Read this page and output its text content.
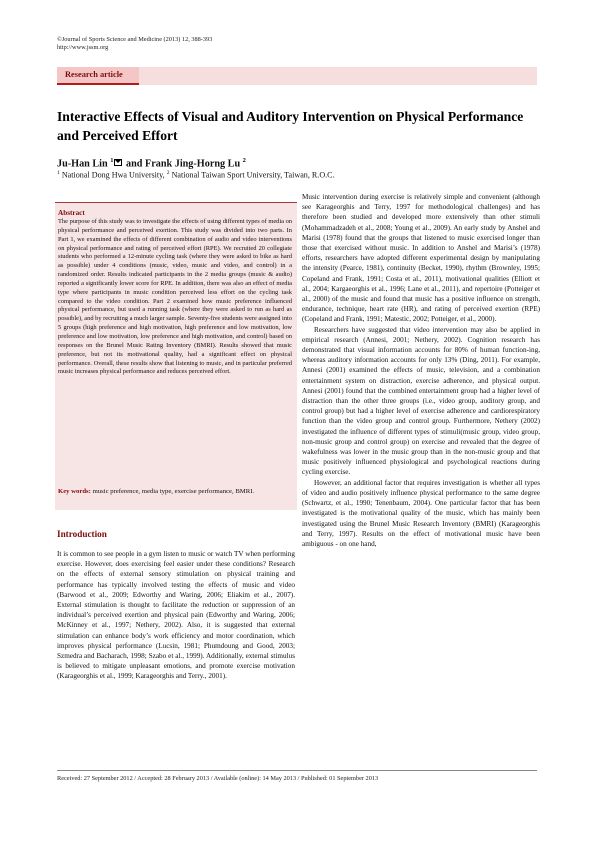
©Journal of Sports Science and Medicine (2013) 12, 388-393
http://www.jssm.org
Research article
Interactive Effects of Visual and Auditory Intervention on Physical Performance and Perceived Effort
Ju-Han Lin $^1$ and Frank Jing-Horng Lu $^2$
$^1$ National Dong Hwa University, $^2$ National Taiwan Sport University, Taiwan, R.O.C.
Abstract
The purpose of this study was to investigate the effects of using different types of media on physical performance and perceived exertion. This study was divided into two parts. In Part 1, we examined the effects of different combination of audio and video interventions on physical performance and rating of perceived effort (RPE). We recruited 20 collegiate students who performed a 12-minute cycling task (where they were asked to bike as hard as possible) under 4 conditions (music, video, music and video, and control) in a randomized order. Results indicated participants in the 2 media groups (music & audio) reported a significantly lower score for RPE. In addition, there was also an effect of media type where participants in music condition perceived less effort on the cycling task compared to the video condition. Part 2 examined how music preference influenced physical performance, but used a running task (where they were asked to run as hard as possible), and by recruiting a much larger sample. Seventy-five students were assigned into 5 groups (high preference and high motivation, high preference and low motivation, low preference and low motivation, low preference and high motivation, and control) based on responses on the Brunel Music Rating Inventory (BMRI). Results showed that music preference, but not its motivational quality, had a significant effect on physical performance. Overall, these results show that listening to music, and in particular preferred music increases physical performance and reduces perceived effort.
Key words: music preference, media type, exercise performance, BMRI.
Introduction

It is common to see people in a gym listen to music or watch TV when performing exercise. However, does exercising feel easier under these conditions? Research on the effects of external sensory stimulation on physical training and performance has typically involved testing the effects of music and video (Barwood et al., 2009; Edworthy and Waring, 2006; Eliakim et al., 2007). External stimulation is thought to facilitate the reduction or suppression of an individual’s perceived exertion and physical pain (Edworthy and Waring, 2006; McKinney et al., 1997; Nethery, 2002). Also, it is suggested that external stimulation can enhance body’s work efficiency and motor coordination, which improves physical performance (Lucsin, 1981; Phumdoung and Good, 2003; Szmedra and Bacharach, 1998; Szabo et al., 1999). Additionally, external stimulus is believed to mitigate unpleasant emotions, and promote exercise motivation (Karageorghis et al., 1999; Karageorghis and Terry., 2001).

Music intervention during exercise is relatively simple and convenient (although see Karageorghis and Terry, 1997 for methodological challenges) and has therefore been studied and developed more extensively than other stimuli (Mohammadzadeh et al., 2008; Young et al., 2009). An early study by Anshel and Marisi (1978) found that the groups that listened to music exercised longer than those that exercised without music. In addition to Anshel and Marisi’s (1978) efforts, researchers have adopted different experimental design by manipulating the intensity (Pearce, 1981), continuity (Becket, 1990), rhythm (Brownley, 1995; Copeland and Frank, 1991; Costa et al., 2011), motivational qualities (Elliott et al., 2004; Kargaeorghis et al., 1996; Lane et al., 2011), and repertoire (Potteiger et al., 2000) of the music and found that music has a positive influence on strength, endurance, technique, heart rate (HR), and rating of perceived exertion (RPE) (Copeland and Frank, 1991; Matestic, 2002; Potteiger, et al., 2000).

Researchers have suggested that video intervention may also be applied in empirical research (Annesi, 2001; Nethery, 2002). Cognition research has demonstrated that visual information accounts for 80% of human function-ing, whereas auditory information accounts for only 13% (Ding, 2011). For example, Annesi (2001) examined the effects of music, television, and a combination entertainment system on distraction, exercise adherence, and physical output. Annesi (2001) found that the combined entertainment group had a higher level of distraction than the other three groups (i.e., video group, auditory group, and control group) but had a higher level of exercise adherence and cardiorespiratory function than the video group and control group. Furthermore, Nethery (2002) investigated the influence of different types of stimuli(music group, video group, non-music group and control group) on exercise and revealed that the degree of wakefulness was lower in the music group than in the non-music group and that music positively influenced physiological and psychological reactions during cycling exercise.

However, an additional factor that requires investigation is whether all types of video and audio positively influence physical performance to the same degree (Schwartz, et al., 1990; Tenenbaum, 2004). One particular factor that has been investigated is the motivational quality of the music, which has mainly been investigated using the Brunel Music Research Inventory (BMRI) (Karageorghis and Terry, 1997). Results on the effect of motivational music have been ambiguous - on one hand,

Received: 27 September 2012 / Accepted: 28 February 2013 / Available (online): 14 May 2013 / Published: 01 September 2013
